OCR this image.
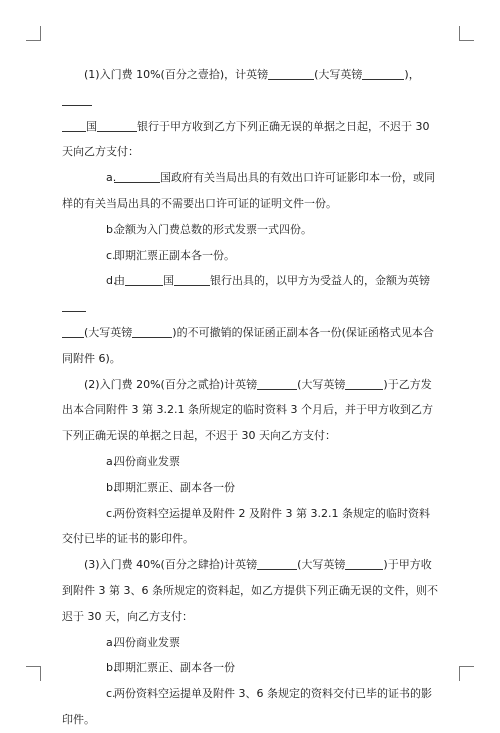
(1)入门费 10%(百分之壹拾)，计英镑	(大写英镑	)，
国	银行于甲方收到乙方下列正确无误的单据之日起，不迟于 30 天向乙方支付：

a.	国政府有关当局出具的有效出口许可证影印本一份，或同样的有关当局出具的不需要出口许可证的证明文件一份。

b.金额为入门费总数的形式发票一式四份。

c.即期汇票正副本各一份。

d.由	国	银行出具的，以甲方为受益人的，金额为英镑
(大写英镑	)的不可撤销的保证函正副本各一份(保证函格式见本合同附件 6)。

(2)入门费 20%(百分之贰拾)计英镑	(大写英镑	)于乙方发出本合同附件 3 第 3.2.1 条所规定的临时资料 3 个月后，并于甲方收到乙方下列正确无误的单据之日起，不迟于 30 天向乙方支付：

a.四份商业发票

b.即期汇票正、副本各一份

c.两份资料空运提单及附件 2 及附件 3 第 3.2.1 条规定的临时资料交付已毕的证书的影印件。

(3)入门费 40%(百分之肆拾)计英镑	(大写英镑	)于甲方收到附件 3 第 3、6 条所规定的资料起，如乙方提供下列正确无误的文件，则不迟于 30 天，向乙方支付：

a.四份商业发票

b.即期汇票正、副本各一份

c.两份资料空运提单及附件 3、6 条规定的资料交付已毕的证书的影印件。
